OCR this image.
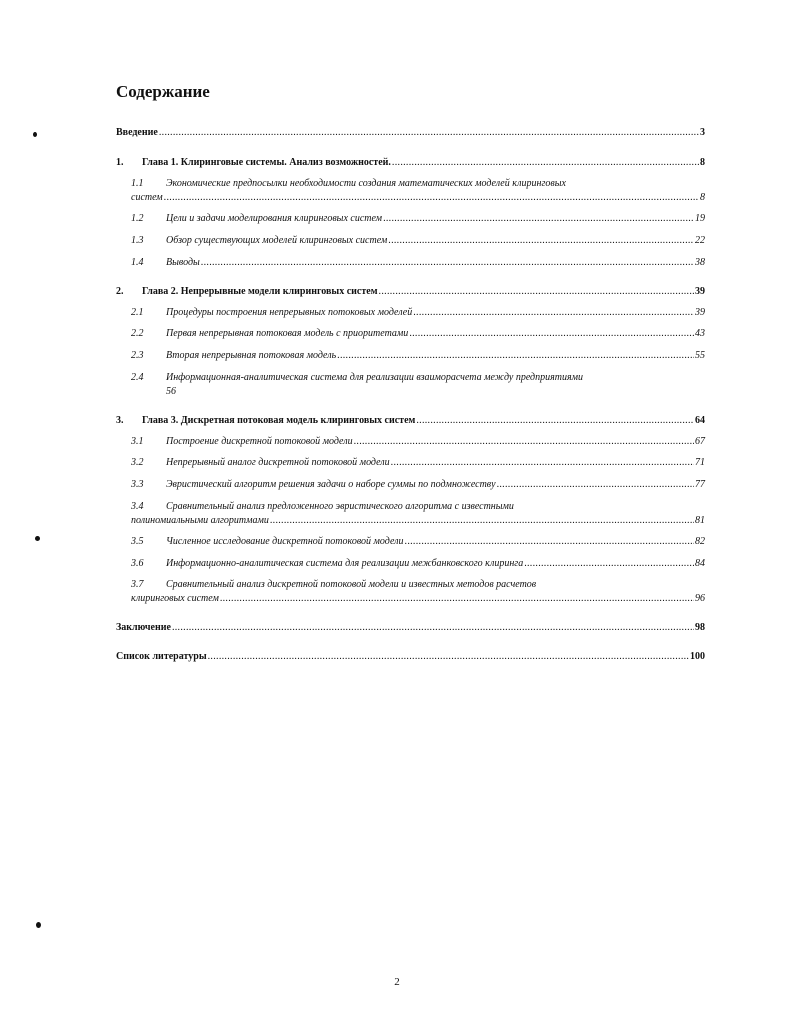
Содержание
Введение .....	3
1.	Глава 1. Клиринговые системы. Анализ возможностей. .....	8
1.1 Экономические предпосылки необходимости создания математических моделей клиринговых
систем .....	8
1.2	Цели и задачи моделирования клиринговых систем .....	19
1.3	Обзор существующих моделей клиринговых систем .....	22
1.4	Выводы .....	38
2.	Глава 2. Непрерывные модели клиринговых систем .....	39
2.1	Процедуры построения непрерывных потоковых моделей .....	39
2.2	Первая непрерывная потоковая модель с приоритетами .....	43
2.3	Вторая непрерывная потоковая модель .....	55
2.4 Информационная-аналитическая система для реализации взаиморасчета между предприятиями
56
3.	Глава 3. Дискретная потоковая модель клиринговых систем .....	64
3.1	Построение дискретной потоковой модели .....	67
3.2	Непрерывный аналог дискретной потоковой модели .....	71
3.3	Эвристический алгоритм решения задачи о наборе суммы по подмножеству .....	77
3.4 Сравнительный анализ предложенного эвристического алгоритма с известными
полиномиальными алгоритмами .....	81
3.5	Численное исследование дискретной потоковой модели .....	82
3.6	Информационно-аналитическая система для реализации межбанковского клиринга .....	84
3.7 Сравнительный анализ дискретной потоковой модели и известных методов расчетов
клиринговых систем .....	96
Заключение .....	98
Список литературы .....	100
2
